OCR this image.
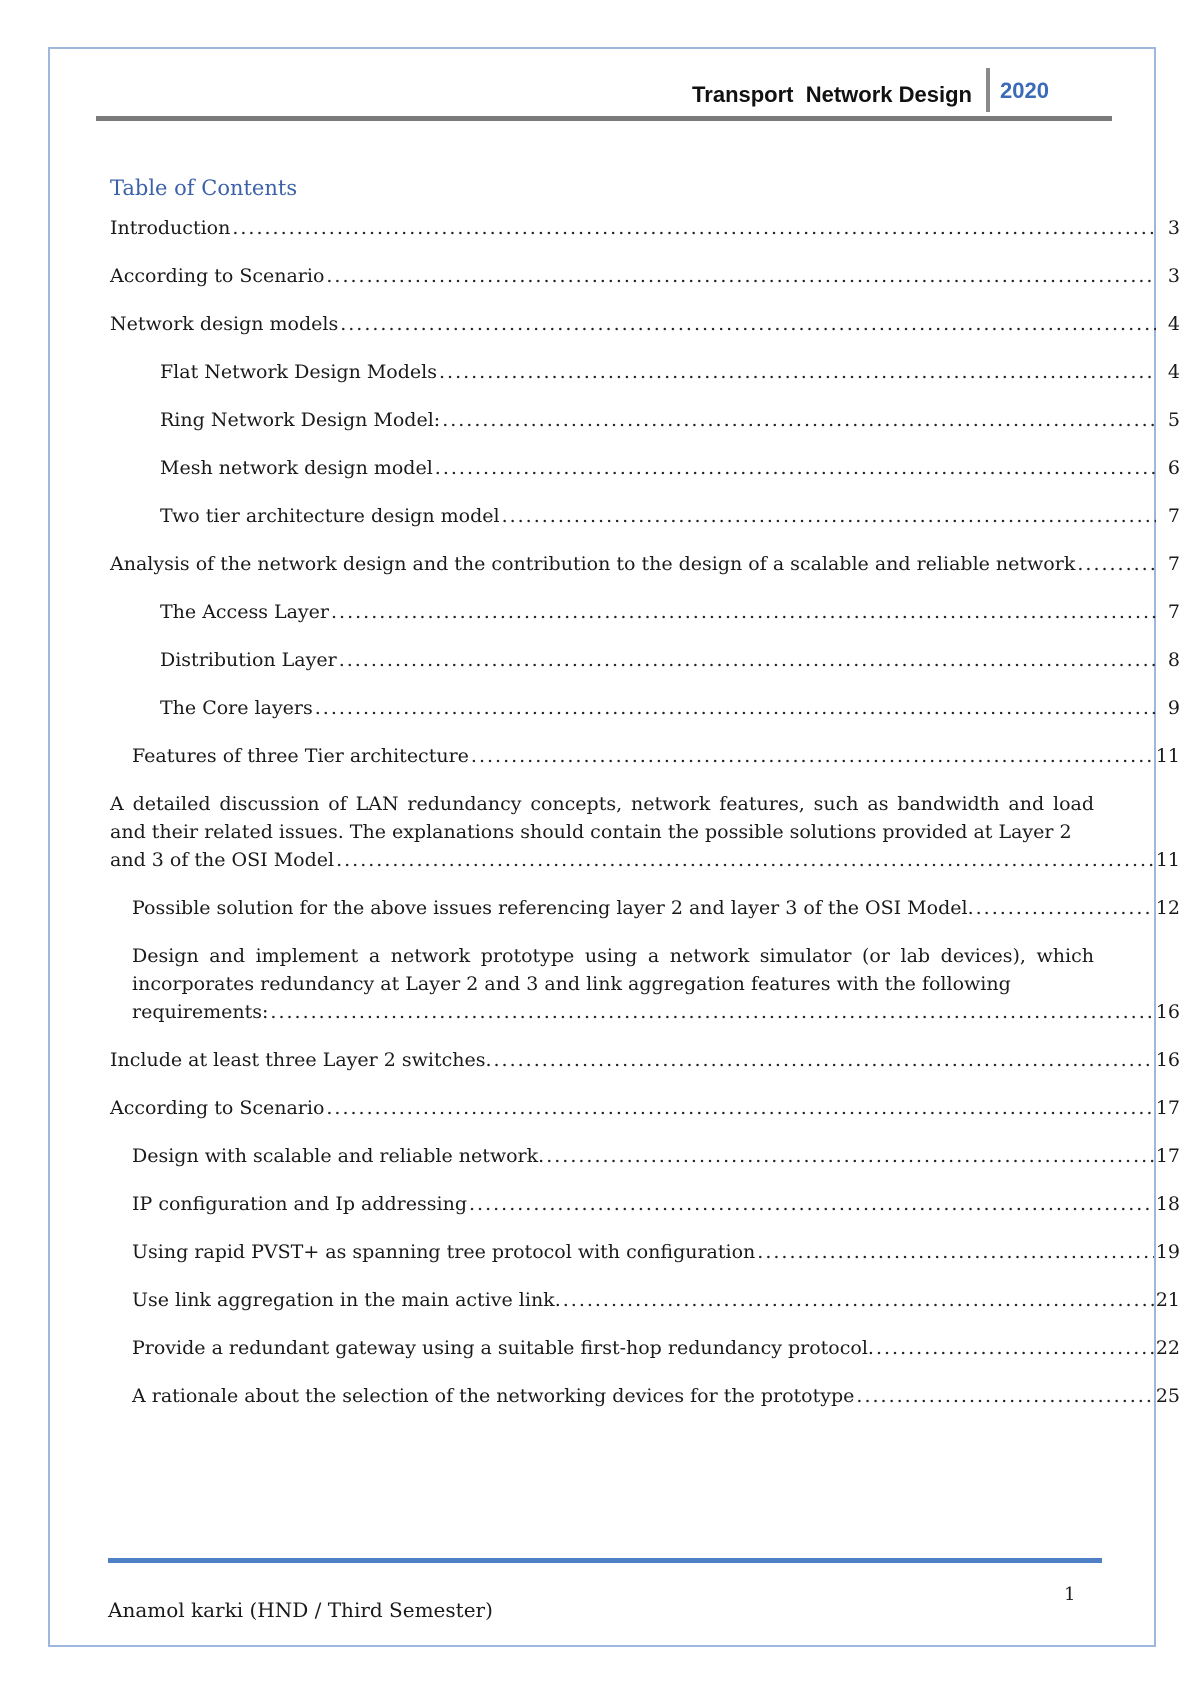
Transport  Network Design 2020
Table of Contents
Introduction .....	3
According to Scenario .....	3
Network design models .....	4
Flat Network Design Models .....	4
Ring Network Design Model: .....	5
Mesh network design model .....	6
Two tier architecture design model .....	7
Analysis of the network design and the contribution to the design of a scalable and reliable network .....	7
The Access Layer .....	7
Distribution Layer .....	8
The Core layers .....	9
Features of three Tier architecture .....	11
A detailed discussion of LAN redundancy concepts, network features, such as bandwidth and load and their related issues. The explanations should contain the possible solutions provided at Layer 2
and 3 of the OSI Model .....	11
Possible solution for the above issues referencing layer 2 and layer 3 of the OSI Model. .....	12
Design and implement a network prototype using a network simulator (or lab devices), which incorporates redundancy at Layer 2 and 3 and link aggregation features with the following
requirements: .....	16
Include at least three Layer 2 switches. .....	16
According to Scenario .....	17
Design with scalable and reliable network. .....	17
IP configuration and Ip addressing .....	18
Using rapid PVST+ as spanning tree protocol with configuration .....	19
Use link aggregation in the main active link. .....	21
Provide a redundant gateway using a suitable first-hop redundancy protocol. .....	22
A rationale about the selection of the networking devices for the prototype .....	25
1
Anamol karki (HND / Third Semester)
